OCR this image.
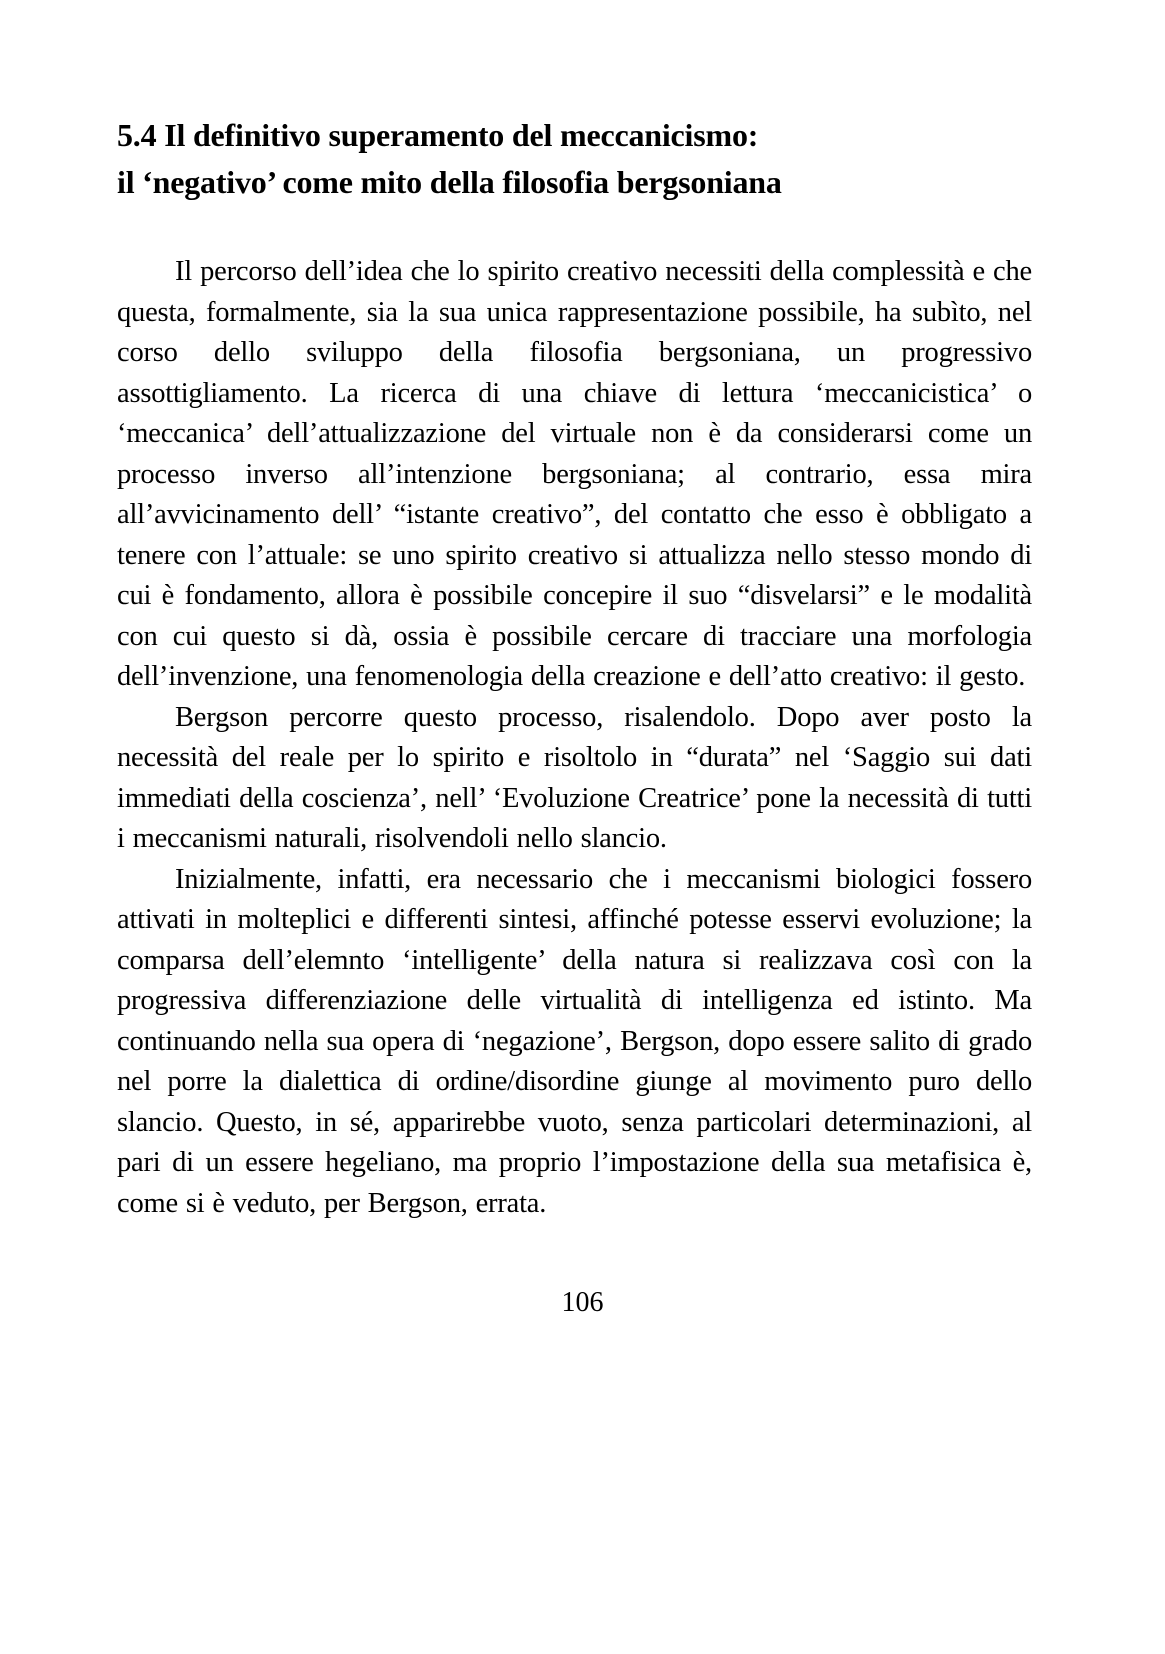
5.4 Il definitivo superamento del meccanicismo:
il ‘negativo’ come mito della filosofia bergsoniana

Il percorso dell’idea che lo spirito creativo necessiti della complessità e che questa, formalmente, sia la sua unica rappresentazione possibile, ha subìto, nel corso dello sviluppo della filosofia bergsoniana, un progressivo assottigliamento. La ricerca di una chiave di lettura ‘meccanicistica’ o ‘meccanica’ dell’attualizzazione del virtuale non è da considerarsi come un processo inverso all’intenzione bergsoniana; al contrario, essa mira all’avvicinamento dell’ “istante creativo”, del contatto che esso è obbligato a tenere con l’attuale: se uno spirito creativo si attualizza nello stesso mondo di cui è fondamento, allora è possibile concepire il suo “disvelarsi” e le modalità con cui questo si dà, ossia è possibile cercare di tracciare una morfologia dell’invenzione, una fenomenologia della creazione e dell’atto creativo: il gesto.

Bergson percorre questo processo, risalendolo. Dopo aver posto la necessità del reale per lo spirito e risoltolo in “durata” nel ‘Saggio sui dati immediati della coscienza’, nell’ ‘Evoluzione Creatrice’ pone la necessità di tutti i meccanismi naturali, risolvendoli nello slancio.

Inizialmente, infatti, era necessario che i meccanismi biologici fossero attivati in molteplici e differenti sintesi, affinché potesse esservi evoluzione; la comparsa dell’elemnto ‘intelligente’ della natura si realizzava così con la progressiva differenziazione delle virtualità di intelligenza ed istinto. Ma continuando nella sua opera di ‘negazione’, Bergson, dopo essere salito di grado nel porre la dialettica di ordine/disordine giunge al movimento puro dello slancio. Questo, in sé, apparirebbe vuoto, senza particolari determinazioni, al pari di un essere hegeliano, ma proprio l’impostazione della sua metafisica è, come si è veduto, per Bergson, errata.

106
